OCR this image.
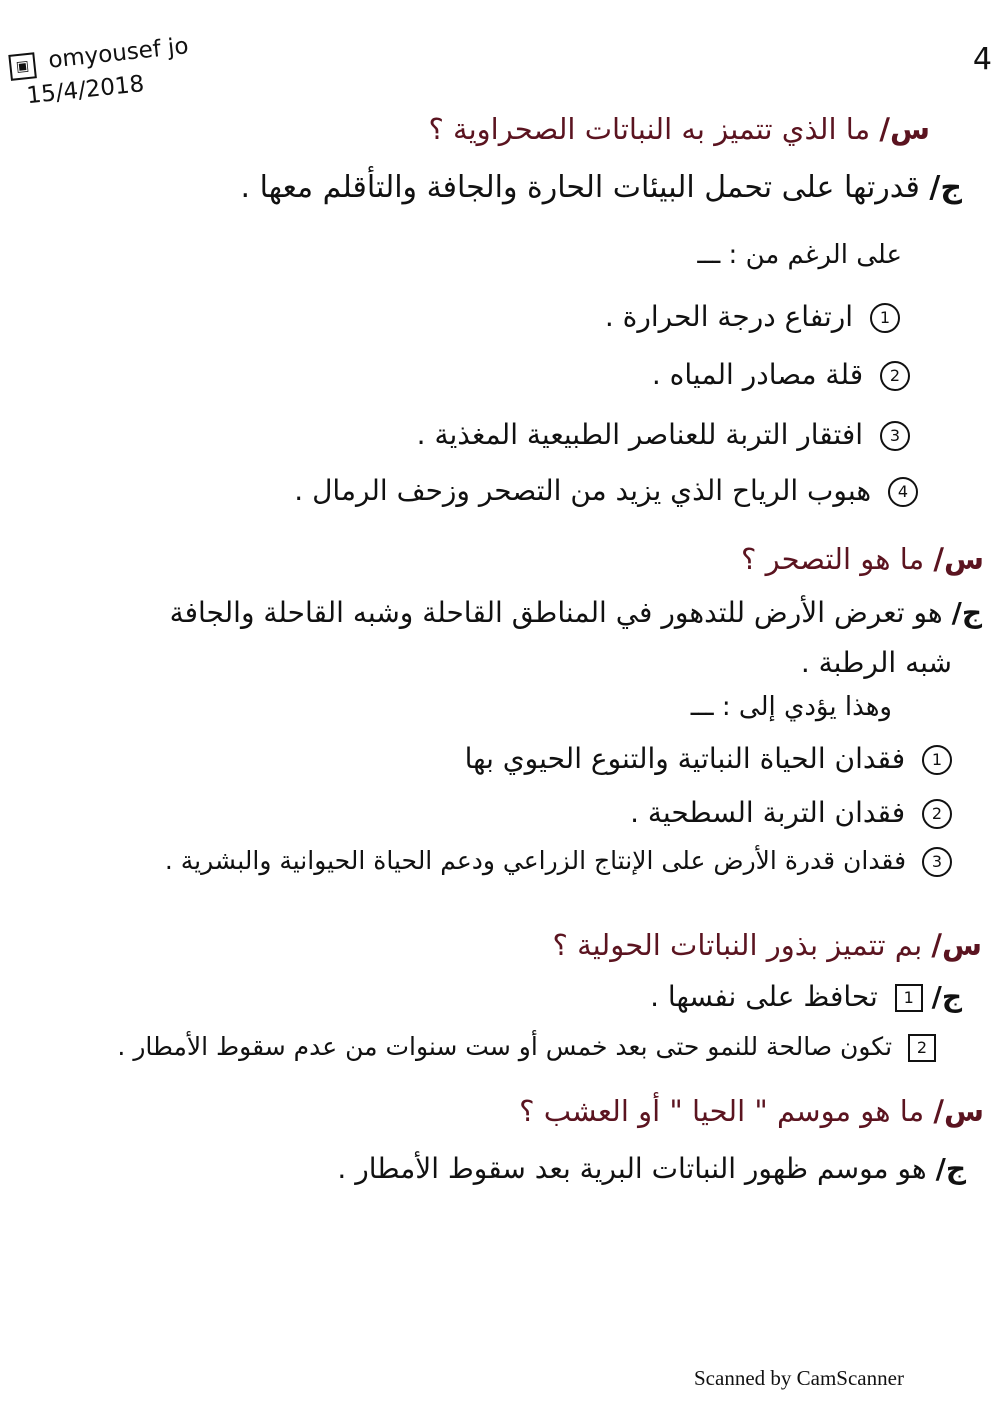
▣ omyousef jo
15/4/2018
4
س/ ما الذي تتميز به النباتات الصحراوية ؟
ج/ قدرتها على تحمل البيئات الحارة والجافة والتأقلم معها .
على الرغم من : ـــ
1 ارتفاع درجة الحرارة .
2 قلة مصادر المياه .
3 افتقار التربة للعناصر الطبيعية المغذية .
4 هبوب الرياح الذي يزيد من التصحر وزحف الرمال .
س/ ما هو التصحر ؟
ج/ هو تعرض الأرض للتدهور في المناطق القاحلة وشبه القاحلة والجافة
شبه الرطبة .
وهذا يؤدي إلى : ـــ
1 فقدان الحياة النباتية والتنوع الحيوي بها
2 فقدان التربة السطحية .
3 فقدان قدرة الأرض على الإنتاج الزراعي ودعم الحياة الحيوانية والبشرية .
س/ بم تتميز بذور النباتات الحولية ؟
ج/ 1 تحافظ على نفسها .
2 تكون صالحة للنمو حتى بعد خمس أو ست سنوات من عدم سقوط الأمطار .
س/ ما هو موسم " الحيا " أو العشب ؟
ج/ هو موسم ظهور النباتات البرية بعد سقوط الأمطار .
Scanned by CamScanner
